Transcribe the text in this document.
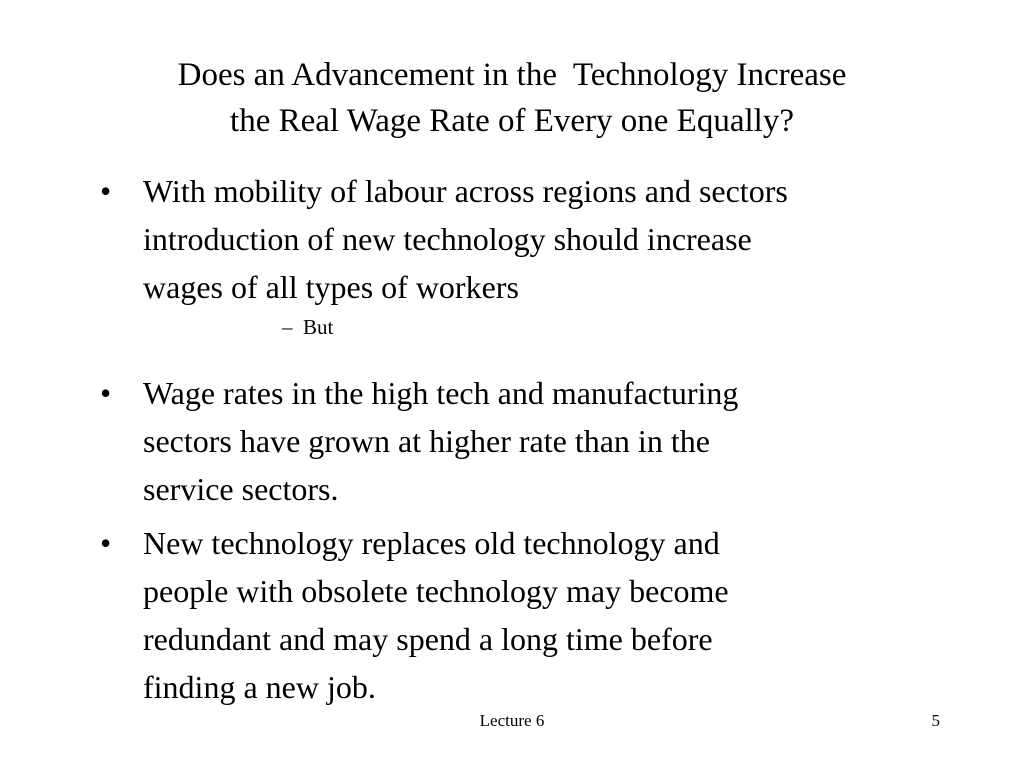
Does an Advancement in the  Technology Increase
the Real Wage Rate of Every one Equally?
• With mobility of labour across regions and sectors
introduction of new technology should increase
wages of all types of workers
– But
• Wage rates in the high tech and manufacturing
sectors have grown at higher rate than in the
service sectors.
• New technology replaces old technology and
people with obsolete technology may become
redundant and may spend a long time before
finding a new job.
Lecture 6	5
